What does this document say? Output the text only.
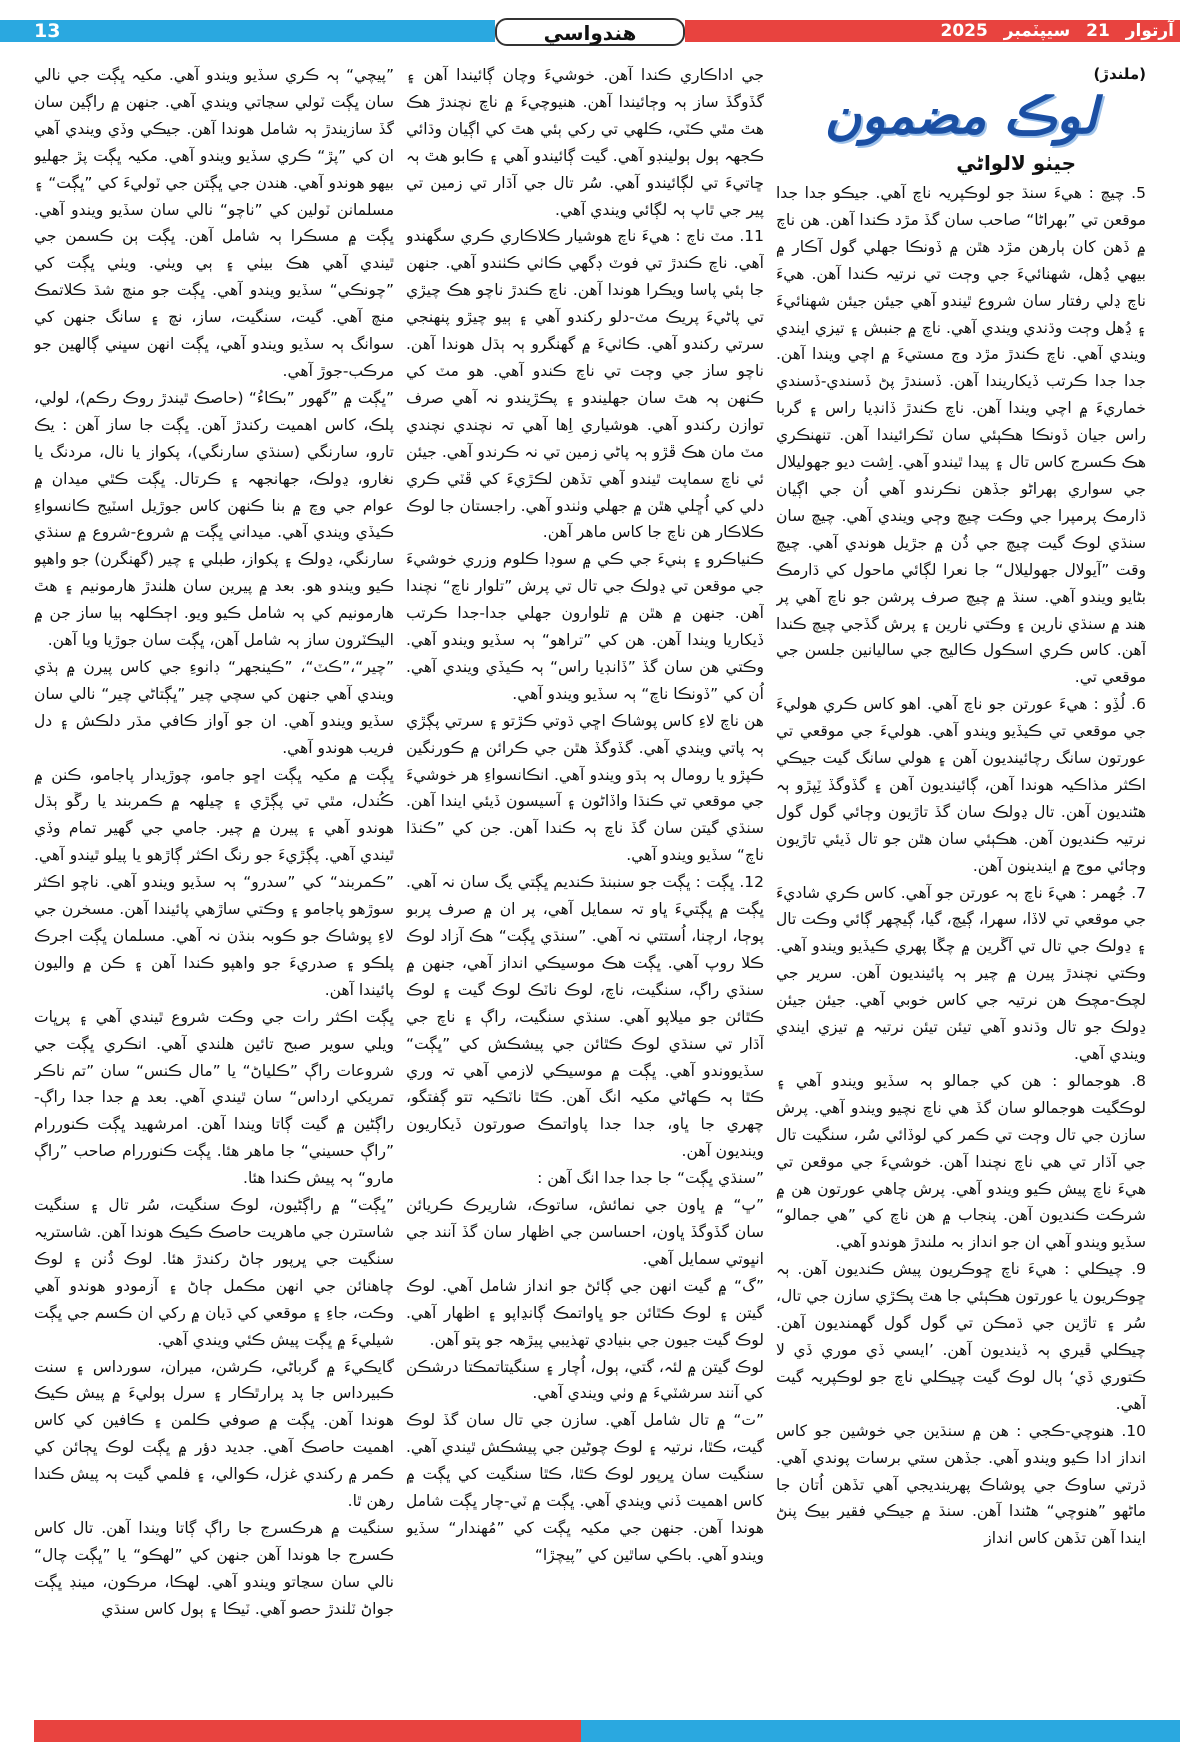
13	هندواسي	آرتوار 21 سيپٽمبر 2025
(ملندڙ)
لوڪ مضمون
جيٺو لالواڻي

5. چيچ : هيءَ سنڌ جو لوڪپريہ ناچ آهي. جيڪو جدا جدا موقعن تي ”بهراڻا“ صاحب سان گڏ مڙد ڪندا آهن. هن ناچ ۾ ڏهن کان ٻارهن مڙد هٿن ۾ ڏونڪا جهلي گول آڪار ۾ بيهي ڍُهل، شهنائيءَ جي وڄت تي نرتيہ ڪندا آهن. هيءَ ناچ ڍلي رفتار سان شروع ٿيندو آهي جيئن جيئن شهنائيءَ ۽ ڍُهل وڄت وڌندي ويندي آهي. ناچ ۾ جنبش ۽ تيزي ايندي ويندي آهي. ناچ ڪندڙ مڙد وڄ مستيءَ ۾ اچي ويندا آهن. جدا جدا ڪرتب ڏيکاريندا آهن. ڏسندڙ پڻ ڏسندي-ڏسندي خماريءَ ۾ اچي ويندا آهن. ناچ ڪندڙ ڏانڊيا راس ۽ گربا راس جيان ڏونڪا هڪٻئي سان ٽڪرائيندا آهن. تنهنڪري هڪ ڪسرج کاس تال ۽ پيدا ٿيندو آهي. اِشت ديو جهوليلال جي سواري ٻهراڻو جڏهن نڪرندو آهي اُن جي اڳيان ڌارمڪ پرمپرا جي وڪت چيچ وڄي ويندي آهي. چيچ سان سنڌي لوڪ گيت چيچ جي ڌُن ۾ جڙيل هوندي آهي. چيچ وقت ”آيولال جهوليلال“ جا نعرا لڳائي ماحول کي ڌارمڪ بڻايو ويندو آهي. سنڌ ۾ چيچ صرف پرشن جو ناچ آهي پر هند ۾ سنڌي نارين ۽ وڪتي نارين ۽ پرش گڏجي چيچ ڪندا آهن. کاس ڪري اسڪول ڪاليج جي ساليانين جلسن جي موقعي تي.

6. لُڏِو : هيءَ عورتن جو ناچ آهي. اهو کاس ڪري هوليءَ جي موقعي تي ڪيڏيو ويندو آهي. هوليءَ جي موقعي تي عورتون سانگ رچائينديون آهن ۽ هولي سانگ گيت جيڪي اڪثر مذاڪيہ هوندا آهن، ڳائينديون آهن ۽ گڏوگڏ ٽِپڙو ٻہ هڻنديون آهن. تال ڍولڪ سان گڏ تاڙيون وڄائي گول گول نرتيہ ڪنديون آهن. هڪٻئي سان هٿن جو تال ڏيئي تاڙيون وڄائي موج ۾ ايندينون آهن.

7. جُهمر : هيءَ ناچ ٻہ عورتن جو آهي. کاس ڪري شاديءَ جي موقعي تي لاڏا، سهرا، ڳيچ، گيا، ڳيچهر ڳائي وڪت تال ۽ ڍولڪ جي تال تي آڱرين ۾ چڱا پهري ڪيڏيو ويندو آهي. وڪتي نچندڙ پيرن ۾ چير ٻہ پائينديون آهن. سرير جي لچڪ-مچڪ هن نرتيہ جي کاس خوبي آهي. جيئن جيئن ڍولڪ جو تال وڌندو آهي تيئن تيئن نرتيہ ۾ تيزي ايندي ويندي آهي.

8. هوجمالو : هن کي جمالو ٻہ سڏيو ويندو آهي ۽ لوڪگيت هوجمالو سان گڏ هي ناچ نچيو ويندو آهي. پرش سازن جي تال وڄت تي ڪمر کي لوڏائي سُر، سنگيت تال جي آڌار تي هي ناچ نچندا آهن. خوشيءَ جي موقعن تي هيءَ ناچ پيش ڪيو ويندو آهي. پرش چاهي عورتون هن ۾ شرڪت ڪنديون آهن. پنجاب ۾ هن ناچ کي ”هي جمالو“ سڏيو ويندو آهي ان جو انداز بہ ملندڙ هوندو آهي.

9. چيڪلي : هيءَ ناچ ڇوڪريون پيش ڪنديون آهن. ٻہ ڇوڪريون يا عورتون هڪٻئي جا هٿ پڪڙي سازن جي تال، سُر ۽ تاڙين جي ڌمڪن تي گول گول گهمنديون آهن. چيڪلي ڦيري ٻہ ڏينديون آهن. ’ايسي ڏي موري ڏي لا ڪتوري ڏي‘ ٻال لوڪ گيت چيڪلي ناچ جو لوڪپريہ گيت آهي.

10. هنوچي-ڪجي : هن ۾ سنڌين جي خوشين جو کاس انداز ادا ڪيو ويندو آهي. جڏهن ستي برسات پوندي آهي. ڌرتي ساوڪ جي پوشاڪ پهرينديجي آهي تڏهن اُتان جا ماڻهو ”هنوچي“ هڻندا آهن. سنڌ ۾ جيڪي فقير بيڪ پنڻ ايندا آهن تڏهن کاس انداز

جي اداڪاري ڪندا آهن. خوشيءَ وچان ڳائيندا آهن ۽ گڏوگڏ ساز ٻہ وڄائيندا آهن. هنيوچيءَ ۾ ناچ نچندڙ هڪ هٿ مٿي ڪٽي، ڪلهي تي رکي ٻئي هٿ کي اڳيان وڌائي ڪجهہ ٻول ٻولينڊو آهي. گيت ڳائيندو آهي ۽ ڪابو هٿ ٻہ ڇاتيءَ تي لڳائيندو آهي. سُر تال جي آڌار تي زمين تي پير جي ٿاپ ٻہ لڳائي ويندي آهي.

11. مٽ ناچ : هيءَ ناچ هوشيار ڪلاڪاري ڪري سگهندو آهي. ناچ ڪندڙ تي فوٽ ڊگهي ڪاٺي ڪٺندو آهي. جنهن جا ٻئي پاسا ويڪرا هوندا آهن. ناچ ڪندڙ ناچو هڪ چيڙي تي پاڻيءَ پريڪ مٽ-دلو رکندو آهي ۽ ٻيو چيڙو پنهنجي سرتي رکندو آهي. ڪاٺيءَ ۾ گهنگرو ٻہ ٻڌل هوندا آهن. ناچو ساز جي وڄت تي ناچ ڪندو آهي. هو مٽ کي ڪنهن ٻہ هٿ سان جهليندو ۽ پڪڙيندو نہ آهي صرف توازن رکندو آهي. هوشياري اِها آهي تہ نچندي نچندي مٽ مان هڪ ڦڙو ٻہ پاڻي زمين تي نہ ڪرندو آهي. جيئن ئي ناچ سماپت ٿيندو آهي تڏهن لڪڙيءَ کي ڦٽي ڪري دلي کي اُڇلي هٿن ۾ جهلي وٺندو آهي. راجستان جا لوڪ ڪلاڪار هن ناچ جا کاس ماهر آهن.

ڪنياڪرو ۽ ٻنيءَ جي ڪي ۾ سوڊا ڪلوم وزري خوشيءَ جي موقعن تي ڍولڪ جي تال تي پرش ”تلوار ناچ“ نچندا آهن. جنهن ۾ هٿن ۾ تلوارون جهلي جدا-جدا ڪرتب ڏيکاريا ويندا آهن. هن کي ”تراهو“ ٻہ سڏيو ويندو آهي. وڪتي هن سان گڏ ”ڏانڊيا راس“ ٻہ ڪيڏي ويندي آهي. اُن کي ”ڏونڪا ناچ“ ٻہ سڏيو ويندو آهي.

هن ناچ لاءِ کاس پوشاڪ اڇي ڌوتي ڪڙتو ۽ سرتي پڳڙي ٻہ پاتي ويندي آهي. گڏوگڏ هٿن جي ڪرائن ۾ ڪورنگين ڪپڙو يا رومال ٻہ ٻڌو ويندو آهي. انڪانسواءِ هر خوشيءَ جي موقعي تي ڪنڌا واڏاڻون ۽ آسيسون ڏيئي ايندا آهن. سنڌي گيتن سان گڏ ناچ ٻہ ڪندا آهن. جن کي ”ڪنڌا ناچ“ سڏيو ويندو آهي.

12. ڀڳت : ڀڳت جو سنبنڌ ڪنديم ڀڳتي يگ سان نہ آهي. ڀڳت ۾ ڀڳتيءَ ڀاو تہ سمايل آهي، پر ان ۾ صرف پربو پوڄا، ارچنا، اُستتي نہ آهي. ”سنڌي ڀڳت“ هڪ آزاد لوڪ ڪلا روپ آهي. ڀڳت هڪ موسيڪي انداز آهي، جنهن ۾ سنڌي راڳ، سنگيت، ناچ، لوڪ ناٽڪ لوڪ گيت ۽ لوڪ ڪٿائن جو ميلاپو آهي. سنڌي سنگيت، راڳ ۽ ناچ جي آڌار تي سنڌي لوڪ ڪٿائن جي پيشڪش کي ”ڀڳت“ سڏيووندو آهي. ڀڳت ۾ موسيڪي لازمي آهي تہ وري ڪٿا ٻہ ڪهاڻي مکيہ انگ آهن. ڪٿا ناٽڪيہ تتو ڳفتگو، چهري جا ڀاو، جدا جدا پاواتمڪ صورتون ڏيکاريون وينديون آهن.

”سنڌي ڀڳت“ جا جدا جدا انگ آهن :

”ڀ“ ۾ ڀاون جي نمائش، ساتوڪ، شاريرڪ ڪريائن سان گڏوگڏ ڀاون، احساسن جي اظهار سان گڏ آنند جي انڀوتي سمايل آهي.

”گ“ ۾ گيت انهن جي ڳائڻ جو انداز شامل آهي. لوڪ گيتن ۽ لوڪ ڪٿائن جو ڀاواتمڪ ڳانڍاپو ۽ اظهار آهي. لوڪ گيت جيون جي بنيادي تهذيبي پيڙهہ جو پتو آهن.

لوڪ گيتن ۾ لئہ، گتي، ٻول، اُچار ۽ سنگيتاتمڪتا درشڪن کي آنند سرشٽيءَ ۾ وٺي ويندي آهي.

”ت“ ۾ تال شامل آهي. سازن جي تال سان گڏ لوڪ گيت، ڪٿا، نرتيہ ۽ لوڪ چوڻين جي پيشڪش ٿيندي آهي. سنگيت سان ڀرپور لوڪ ڪٿا، ڪٿا سنگيت کي ڀڳت ۾ کاس اهميت ڏني ويندي آهي. ڀڳت ۾ ٽي-چار ڀڳت شامل هوندا آهن. جنهن جي مکيہ ڀڳت کي ”مُهندار“ سڏيو ويندو آهي. باڪي ساٿين کي ”پيچڙا“

”پيچي“ ٻہ ڪري سڏيو ويندو آهي. مکيہ ڀڳت جي نالي سان ڀڳت ٽولي سڃاتي ويندي آهي. جنهن ۾ راڳين سان گڏ سازيندڙ ٻہ شامل هوندا آهن. جيڪي وڏي ويندي آهي ان کي ”پڙ“ ڪري سڏيو ويندو آهي. مکيہ ڀڳت پڙ جهليو بيهو هوندو آهي. هندن جي ڀڳتن جي ٽوليءَ کي ”ڀڳت“ ۽ مسلمانن ٽولين کي ”ناچو“ نالي سان سڏيو ويندو آهي. ڀڳت ۾ مسڪرا ٻہ شامل آهن. ڀڳت ٻن ڪسمن جي ٿيندي آهي هڪ بيٺي ۽ ٻي ويٺي. ويٺي ڀڳت کي ”چونڪي“ سڏيو ويندو آهي. ڀڳت جو منچ شڌ ڪلاتمڪ منچ آهي. گيت، سنگيت، ساز، نچ ۽ سانگ جنهن کي سوانگ ٻہ سڏيو ويندو آهي، ڀڳت انهن سڀني ڳالهين جو مرڪب-جوڙ آهي.

”ڀڳت ۾ ”گهور ”بڪاءُ“ (حاصڪ ٿيندڙ روڪ رڪم)، لولي، پلڪ، کاس اهميت رکندڙ آهن. ڀڳت جا ساز آهن : يڪ تارو، سارنگي (سنڌي سارنگي)، پکواز يا نال، مردنگ يا نغارو، ڍولڪ، جهانجهہ ۽ ڪرتال. ڀڳت ڪٿي ميدان ۾ عوام جي وچ ۾ بنا ڪنهن کاس جوڙيل اسٽيج ڪانسواءِ ڪيڏي ويندي آهي. ميداني ڀڳت ۾ شروع-شروع ۾ سنڌي سارنگي، ڍولڪ ۽ پکواز، طبلي ۽ چير (گهنگرن) جو واهپو ڪيو ويندو هو. بعد ۾ پيرين سان هلندڙ هارمونيم ۽ هٿ هارمونيم کي ٻہ شامل ڪيو ويو. اڄڪلهہ ٻيا ساز جن ۾ اليڪٽرون ساز ٻہ شامل آهن، ڀڳت سان جوڙيا ويا آهن.

”چير“،”ڪٽ“، ”ڪينجهر“ ڊانوءِ جي کاس پيرن ۾ ٻڌي ويندي آهي جنهن کي سچي چير ”ڀڳتاڻي چير“ نالي سان سڏيو ويندو آهي. ان جو آواز ڪافي مڌر دلڪش ۽ دل فريب هوندو آهي.

ڀڳت ۾ مکيہ ڀڳت اڇو جامو، چوڙيدار پاجامو، ڪنن ۾ ڪُندل، مٿي تي پڳڙي ۽ چيلهہ ۾ ڪمربند يا رڱو ٻڌل هوندو آهي ۽ پيرن ۾ چير. جامي جي گهير تمام وڏي ٿيندي آهي. پڳڙيءَ جو رنگ اڪثر ڳاڙهو يا پيلو ٿيندو آهي. ”ڪمربند“ کي ”سدرو“ ٻہ سڏيو ويندو آهي. ناچو اڪثر سوڙهو پاجامو ۽ وڪتي ساڙهي پائيندا آهن. مسخرن جي لاءِ پوشاڪ جو ڪوبہ بنڌن نہ آهي. مسلمان ڀڳت اجرڪ پلڪو ۽ صدريءَ جو واهپو ڪندا آهن ۽ ڪن ۾ واليون پائيندا آهن.

ڀڳت اڪثر رات جي وڪت شروع ٿيندي آهي ۽ پرڀات ويلي سوير صبح تائين هلندي آهي. انڪري ڀڳت جي شروعات راڳ ”ڪلياڻ“ يا ”مال ڪنس“ سان ”تم ناڪر تمريکي ارداس“ سان ٿيندي آهي. بعد ۾ جدا جدا راڳ-راڳڻين ۾ گيت ڳاتا ويندا آهن. امرشهيد ڀڳت ڪنوررام ”راڳ حسيني“ جا ماهر هئا. ڀڳت ڪنوررام صاحب ”راڳ مارو“ ٻہ پيش ڪندا هئا.

”ڀڳت“ ۾ راڳڻيون، لوڪ سنگيت، سُر تال ۽ سنگيت شاسترن جي ماهريت حاصڪ ڪيڪ هوندا آهن. شاستريہ سنگيت جي ڀرپور ڄاڻ رکندڙ هئا. لوڪ ڌُنن ۽ لوڪ چاهنائن جي انهن مڪمل ڄاڻ ۽ آزمودو هوندو آهي وڪت، جاءِ ۽ موقعي کي ڌيان ۾ رکي ان ڪسم جي ڀڳت شيليءَ ۾ ڀڳت پيش ڪئي ويندي آهي.

گايڪيءَ ۾ گرباڻي، ڪرشن، ميران، سورداس ۽ سنت ڪبيرداس جا پد پرارٿڪار ۽ سرل ٻوليءَ ۾ پيش ڪيڪ هوندا آهن. ڀڳت ۾ صوفي ڪلمن ۽ ڪافين کي کاس اهميت حاصڪ آهي. جديد دؤر ۾ ڀڳت لوڪ ڀڄائن کي ڪمر ۾ رکندي غزل، ڪوالي، ۽ فلمي گيت ٻہ پيش ڪندا رهن ٿا.

سنگيت ۾ هرڪسرج جا راڳ ڳاتا ويندا آهن. تال کاس ڪسرج جا هوندا آهن جنهن کي ”لهڪو“ يا ”ڀڳت چال“ نالي سان سڃاتو ويندو آهي. لهڪا، مرڪون، مينڊ ڀڳت جواڻ ٽلندڙ حصو آهي. ٽيڪا ۽ ٻول کاس سنڌي
